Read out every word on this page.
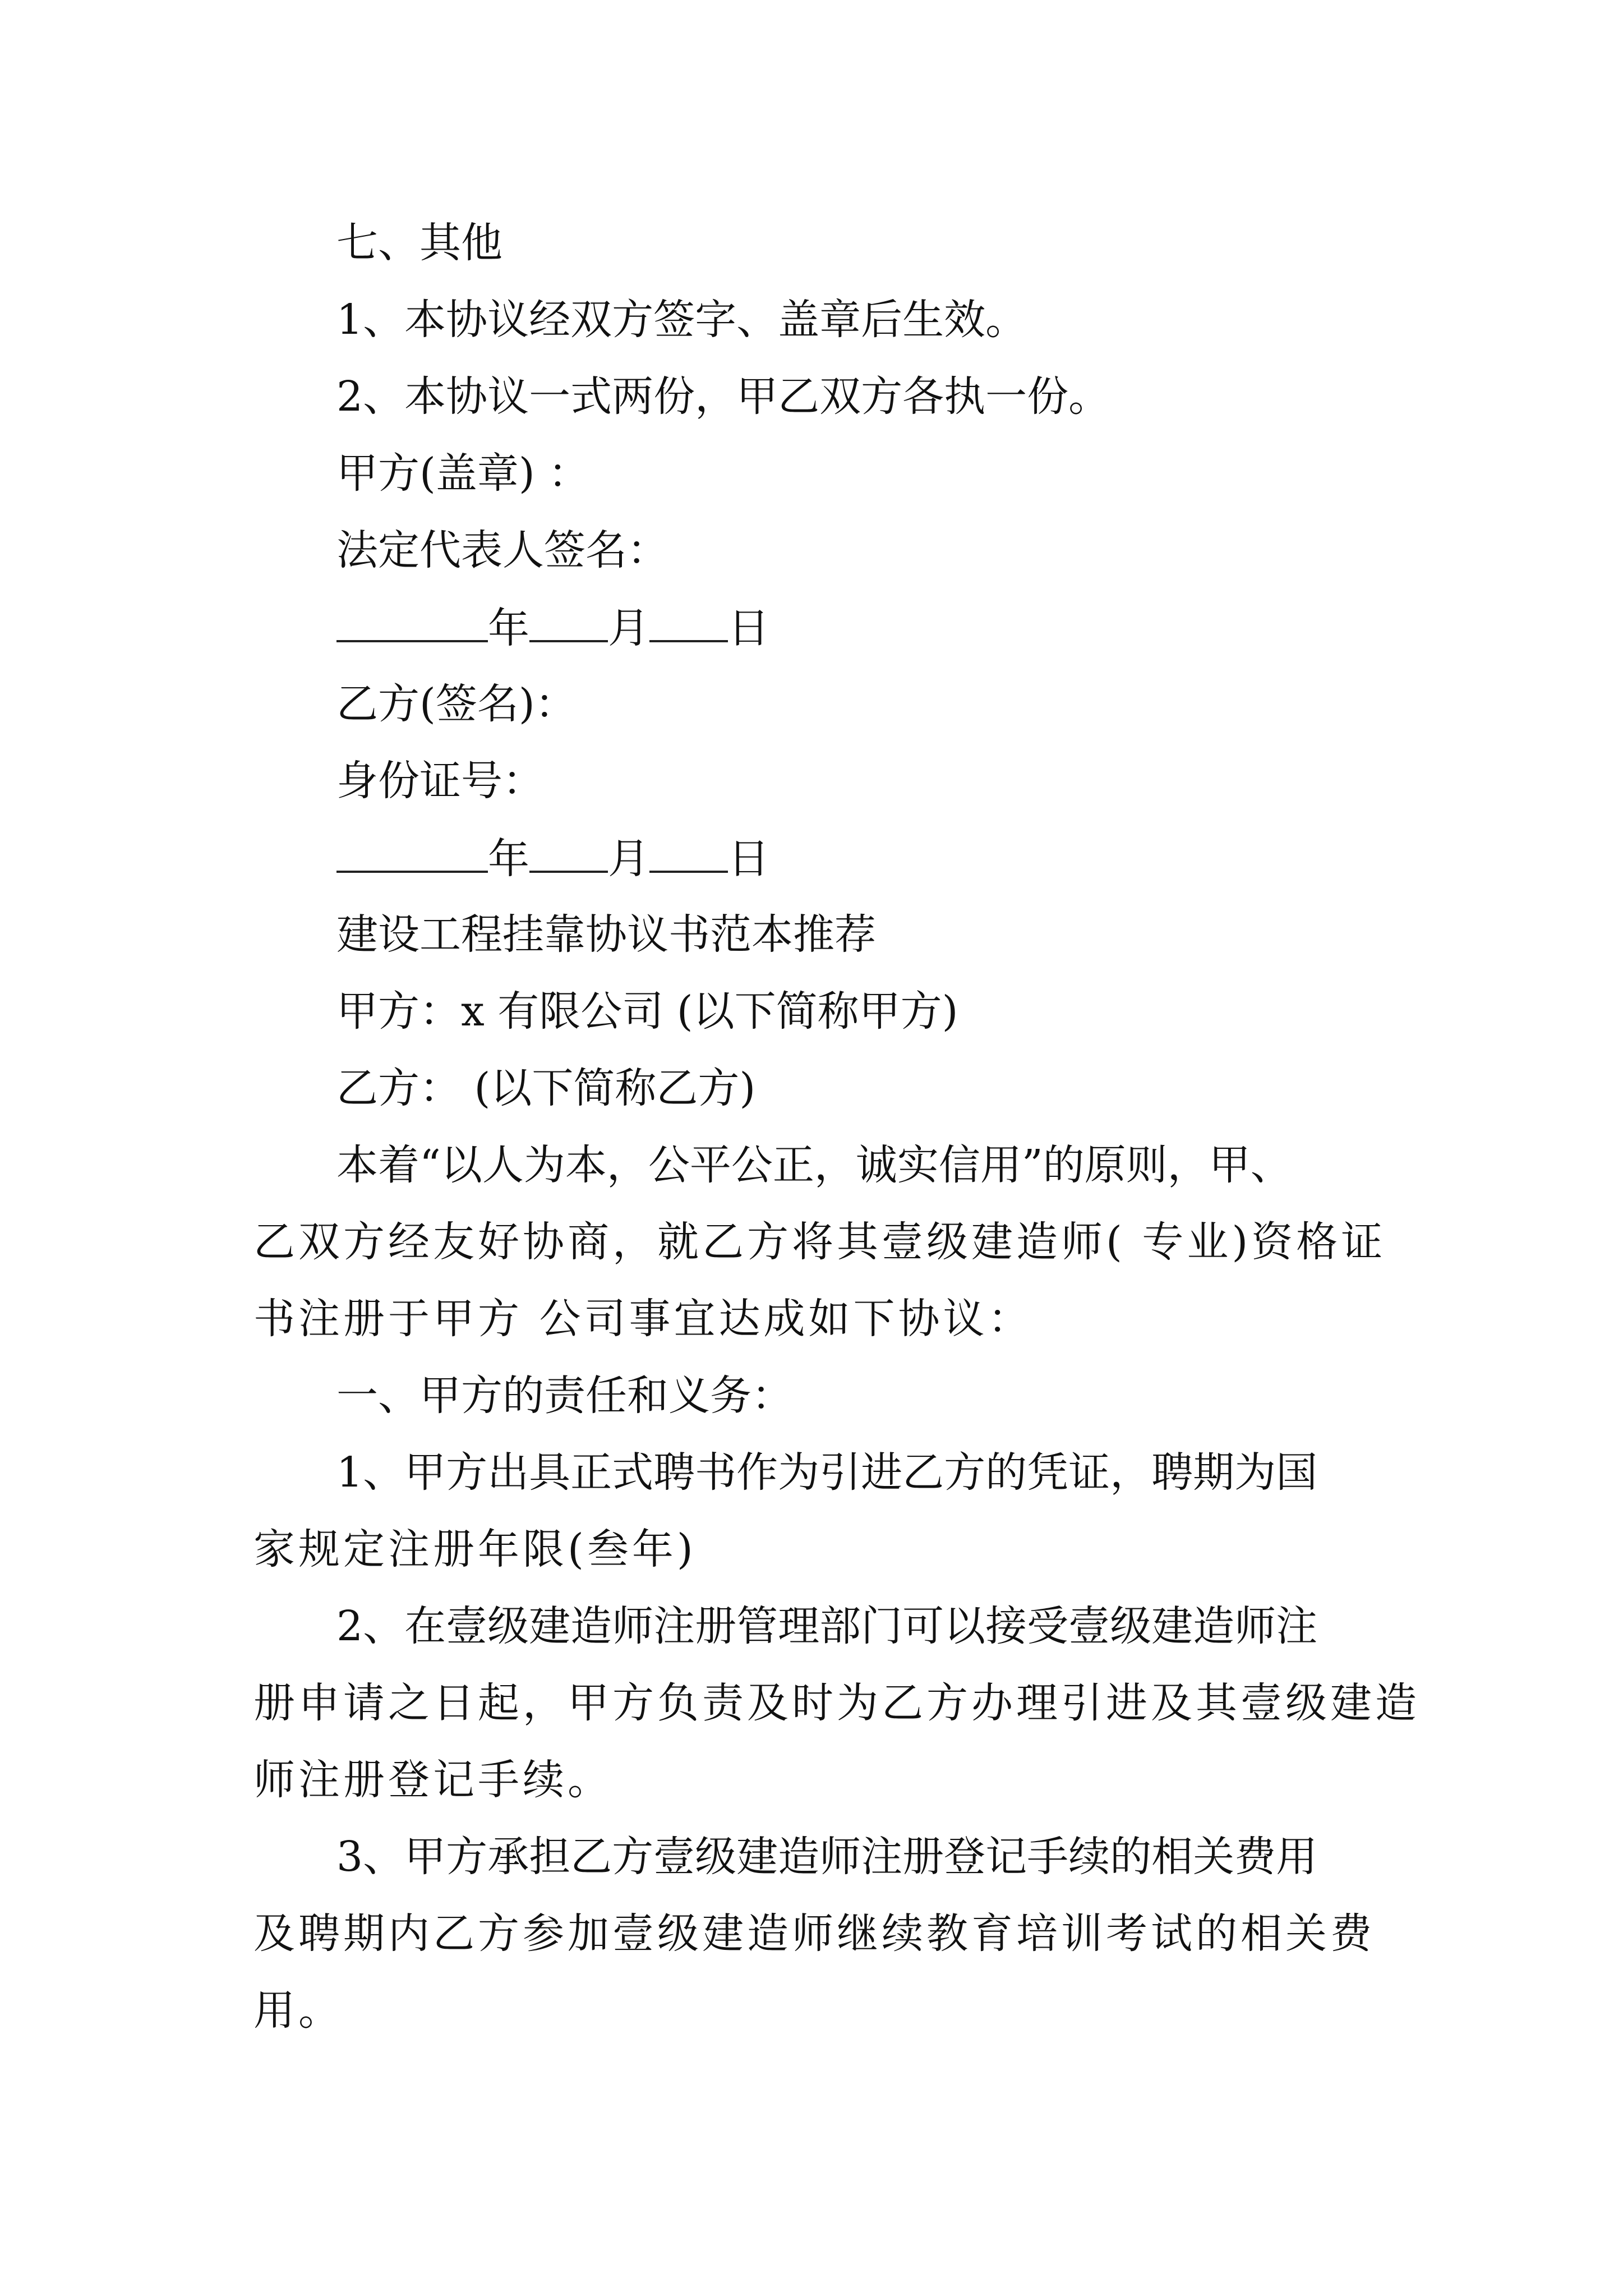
七、其他
1、本协议经双方签字、盖章后生效。
2、本协议一式两份，甲乙双方各执一份。
甲方(盖章) ：
法定代表人签名：
年 月 日
乙方(签名)：
身份证号：
年 月 日
建设工程挂靠协议书范本推荐
甲方：x 有限公司 (以下简称甲方)
乙方： (以下简称乙方)
本着“以人为本，公平公正，诚实信用”的原则，甲、
乙双方经友好协商，就乙方将其壹级建造师( 专业)资格证
书注册于甲方 公司事宜达成如下协议：
一、甲方的责任和义务：
1、甲方出具正式聘书作为引进乙方的凭证，聘期为国
家规定注册年限(叁年)
2、在壹级建造师注册管理部门可以接受壹级建造师注
册申请之日起，甲方负责及时为乙方办理引进及其壹级建造
师注册登记手续。
3、甲方承担乙方壹级建造师注册登记手续的相关费用
及聘期内乙方参加壹级建造师继续教育培训考试的相关费
用。
